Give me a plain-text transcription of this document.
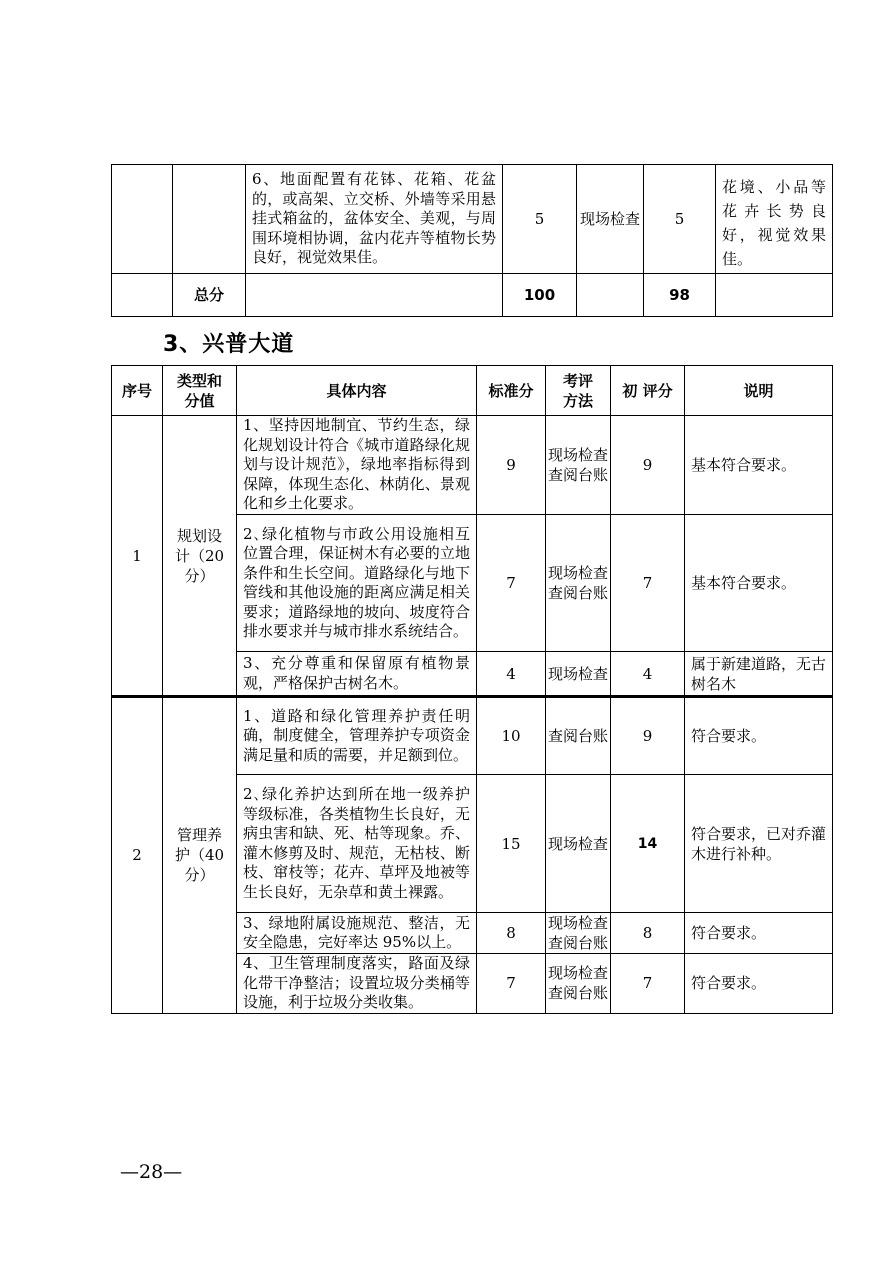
		6、地面配置有花钵、花箱、花盆的，或高架、立交桥、外墙等采用悬挂式箱盆的，盆体安全、美观，与周围环境相协调，盆内花卉等植物长势良好，视觉效果佳。	5	现场检查	5	花境、小品等花卉长势良好，视觉效果佳。
	总分		100		98	
3、兴普大道
序号	类型和分值	具体内容	标准分	考评方法	初 评分	说明
1	规划设计（20分）	1、坚持因地制宜、节约生态，绿化规划设计符合《城市道路绿化规划与设计规范》，绿地率指标得到保障，体现生态化、林荫化、景观化和乡土化要求。	9	现场检查查阅台账	9	基本符合要求。
		2､绿化植物与市政公用设施相互位置合理，保证树木有必要的立地条件和生长空间。道路绿化与地下管线和其他设施的距离应满足相关要求；道路绿地的坡向、坡度符合排水要求并与城市排水系统结合。	7	现场检查查阅台账	7	基本符合要求。
		3、充分尊重和保留原有植物景观，严格保护古树名木。	4	现场检查	4	属于新建道路，无古树名木
2	管理养护（40分）	1、道路和绿化管理养护责任明确，制度健全，管理养护专项资金满足量和质的需要，并足额到位。	10	查阅台账	9	符合要求。
		2､绿化养护达到所在地一级养护等级标准，各类植物生长良好，无病虫害和缺、死、枯等现象。乔、灌木修剪及时、规范，无枯枝、断枝、窜枝等；花卉、草坪及地被等生长良好，无杂草和黄土裸露。	15	现场检查	14	符合要求，已对乔灌木进行补种。
		3、绿地附属设施规范、整洁，无安全隐患，完好率达 95%以上。	8	现场检查查阅台账	8	符合要求。
		4、卫生管理制度落实，路面及绿化带干净整洁；设置垃圾分类桶等设施，利于垃圾分类收集。	7	现场检查查阅台账	7	符合要求。
—28—
